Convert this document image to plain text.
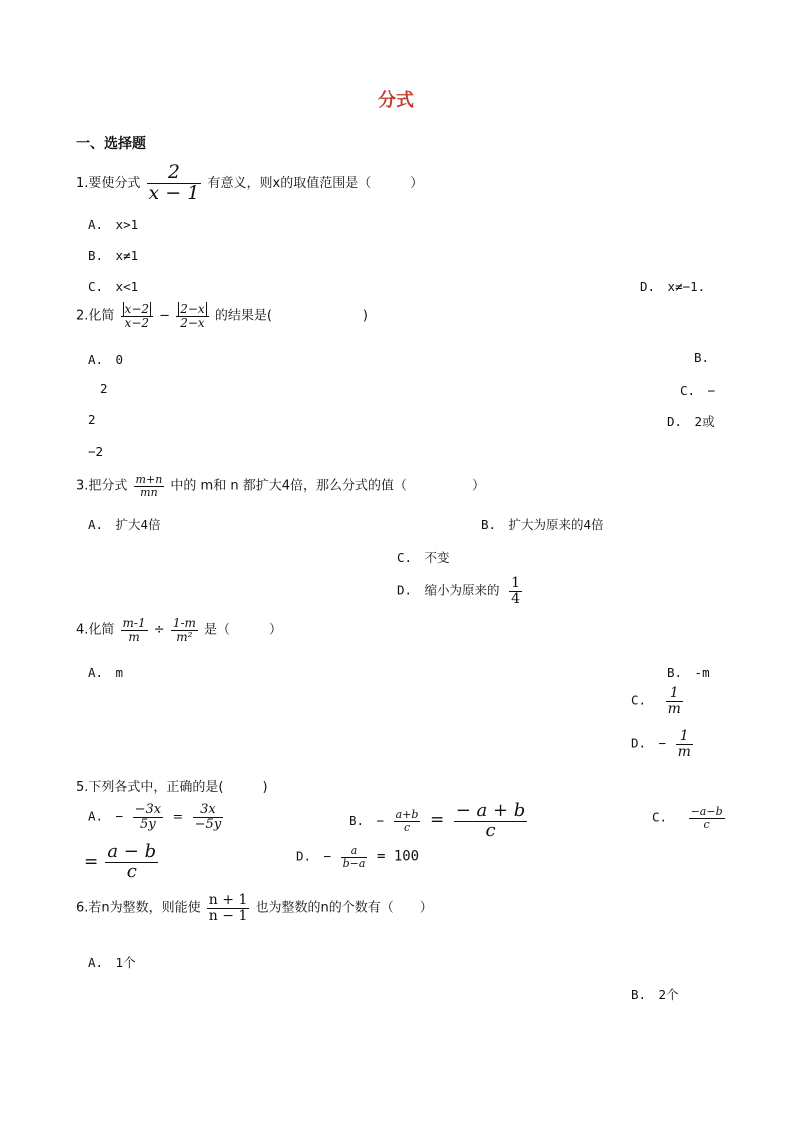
分式
一、选择题
1.要使分式 $\frac{2}{x - 1}$ 有意义，则x的取值范围是（　　　）
A.　x>1
B.　x≠1
C.　x<1	D.　x≠−1.
2.化简 $\frac{x-2}{x-2} - \frac{2-x}{2-x}$ 的结果是(　　　　　　　)
A.　0	B.
2	C.　−
2	D.　2或
−2
3.把分式 $\frac{m+n}{mn}$ 中的 m和 n 都扩大4倍，那么分式的值（　　　　　）
A.　扩大4倍	B.　扩大为原来的4倍
C.　不变
D.　缩小为原来的 $\frac{1}{4}$
4.化简 $\frac{m-1}{m} \div \frac{1-m}{\text{m²}}$ 是（　　　）
A.　m	B.　-m
C. $\frac{1}{m}$
D.　− $\frac{1}{m}$
5.下列各式中，正确的是(　　　)
A.　− $\frac{-3x}{5y} = \frac{3x}{-5y}$	B.　− $\frac{a+b}{c} = \frac{- a + b}{c}$	C. $\frac{-a-b}{c}$
= $\frac{a - b}{c}$	D.　− $\frac{a}{b-a} = 100$
6.若n为整数，则能使 $\frac{n + 1}{n - 1}$ 也为整数的n的个数有（　　）
A.　1个
B.　2个
